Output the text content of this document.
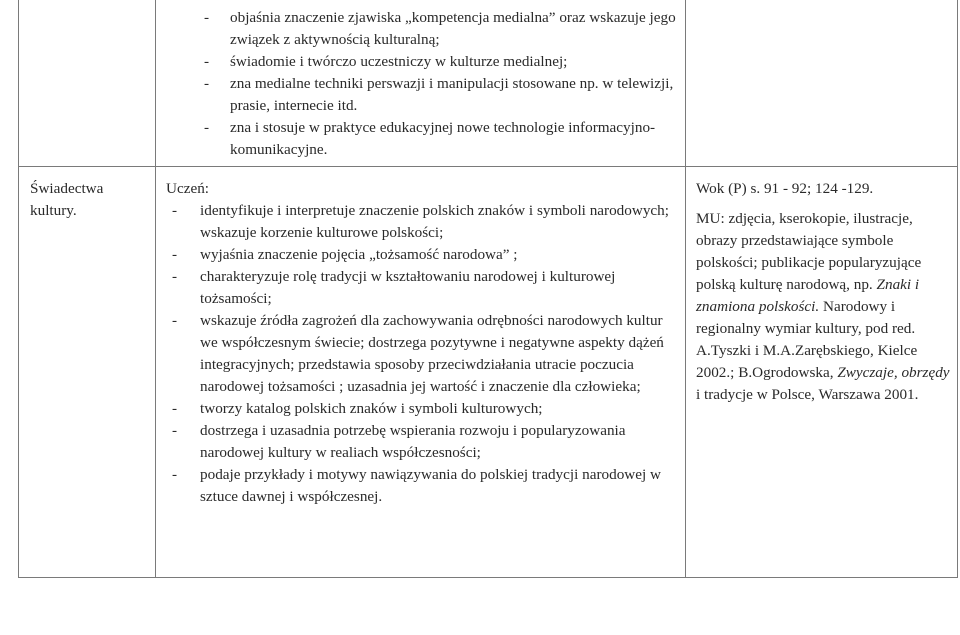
- objaśnia znaczenie zjawiska „kompetencja medialna” oraz wskazuje jego związek z aktywnością kulturalną;
- świadomie i twórczo uczestniczy w kulturze medialnej;
- zna medialne techniki perswazji i manipulacji stosowane np. w telewizji, prasie, internecie itd.
- zna i stosuje w praktyce edukacyjnej nowe technologie informacyjno-komunikacyjne.
Świadectwa kultury.
Uczeń:
- identyfikuje i interpretuje znaczenie polskich znaków i symboli narodowych; wskazuje korzenie kulturowe polskości;
- wyjaśnia znaczenie pojęcia „tożsamość narodowa” ;
- charakteryzuje rolę tradycji w kształtowaniu narodowej i kulturowej tożsamości;
- wskazuje źródła zagrożeń dla zachowywania odrębności narodowych kultur we współczesnym świecie; dostrzega pozytywne i negatywne aspekty dążeń integracyjnych; przedstawia sposoby przeciwdziałania utracie poczucia narodowej tożsamości ; uzasadnia jej wartość i znaczenie dla człowieka;
- tworzy katalog polskich znaków i symboli kulturowych;
- dostrzega i uzasadnia potrzebę wspierania rozwoju i popularyzowania narodowej kultury w realiach współczesności;
- podaje przykłady i motywy nawiązywania do polskiej tradycji narodowej w sztuce dawnej i współczesnej.

Wok (P) s. 91 - 92; 124 -129.

MU: zdjęcia, kserokopie, ilustracje, obrazy przedstawiające symbole polskości; publikacje popularyzujące polską kulturę narodową, np. Znaki i znamiona polskości. Narodowy i regionalny wymiar kultury, pod red. A.Tyszki i M.A.Zarębskiego, Kielce 2002.; B.Ogrodowska, Zwyczaje, obrzędy i tradycje w Polsce, Warszawa 2001.
